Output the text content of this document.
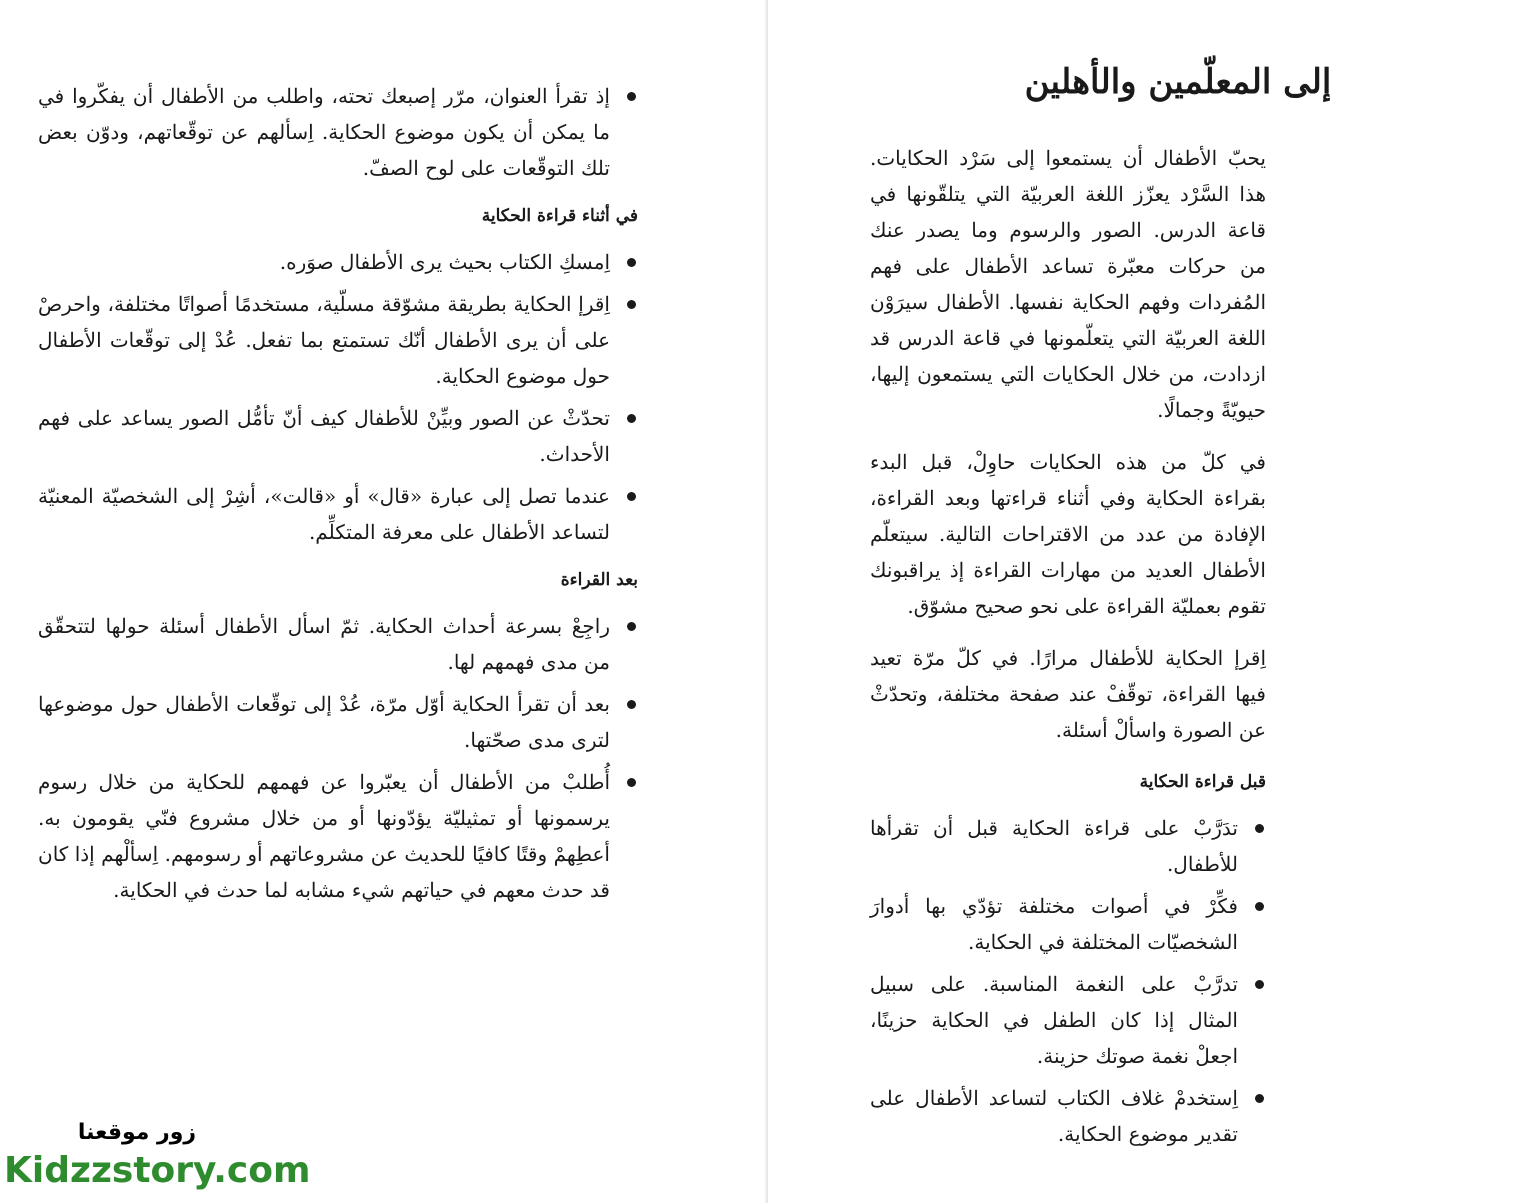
إذ تقرأ العنوان، مرّر إصبعك تحته، واطلب من الأطفال أن يفكّروا في ما يمكن أن يكون موضوع الحكاية. اِسألهم عن توقّعاتهم، ودوّن بعض تلك التوقّعات على لوح الصفّ.
في أثناء قراءة الحكاية
اِمسكِ الكتاب بحيث يرى الأطفال صوَره.
اِقرإ الحكاية بطريقة مشوّقة مسلّية، مستخدمًا أصواتًا مختلفة، واحرصْ على أن يرى الأطفال أنّك تستمتع بما تفعل. عُدْ إلى توقّعات الأطفال حول موضوع الحكاية.
تحدّثْ عن الصور وبيِّنْ للأطفال كيف أنّ تأمُّل الصور يساعد على فهم الأحداث.
عندما تصل إلى عبارة «قال» أو «قالت»، أشِرْ إلى الشخصيّة المعنيّة لتساعد الأطفال على معرفة المتكلِّم.
بعد القراءة
راجِعْ بسرعة أحداث الحكاية. ثمّ اسأل الأطفال أسئلة حولها لتتحقّق من مدى فهمهم لها.
بعد أن تقرأ الحكاية أوّل مرّة، عُدْ إلى توقّعات الأطفال حول موضوعها لترى مدى صحّتها.
أُطلبْ من الأطفال أن يعبّروا عن فهمهم للحكاية من خلال رسوم يرسمونها أو تمثيليّة يؤدّونها أو من خلال مشروع فنّي يقومون به. أعطِهمْ وقتًا كافيًا للحديث عن مشروعاتهم أو رسومهم. اِسألْهم إذا كان قد حدث معهم في حياتهم شيء مشابه لما حدث في الحكاية.
زور موقعنا
Kidzzstory.com
إلى المعلّمين والأهلين

يحبّ الأطفال أن يستمعوا إلى سَرْد الحكايات. هذا السَّرْد يعزّز اللغة العربيّة التي يتلقّونها في قاعة الدرس. الصور والرسوم وما يصدر عنك من حركات معبّرة تساعد الأطفال على فهم المُفردات وفهم الحكاية نفسها. الأطفال سيرَوْن اللغة العربيّة التي يتعلّمونها في قاعة الدرس قد ازدادت، من خلال الحكايات التي يستمعون إليها، حيويّةً وجمالًا.

في كلّ من هذه الحكايات حاوِلْ، قبل البدء بقراءة الحكاية وفي أثناء قراءتها وبعد القراءة، الإفادة من عدد من الاقتراحات التالية. سيتعلّم الأطفال العديد من مهارات القراءة إذ يراقبونك تقوم بعمليّة القراءة على نحو صحيح مشوّق.

اِقرإ الحكاية للأطفال مرارًا. في كلّ مرّة تعيد فيها القراءة، توقّفْ عند صفحة مختلفة، وتحدّثْ عن الصورة واسألْ أسئلة.

قبل قراءة الحكاية
تدَرَّبْ على قراءة الحكاية قبل أن تقرأها للأطفال.
فكِّرْ في أصوات مختلفة تؤدّي بها أدوارَ الشخصيّات المختلفة في الحكاية.
تدرَّبْ على النغمة المناسبة. على سبيل المثال إذا كان الطفل في الحكاية حزينًا، اجعلْ نغمة صوتك حزينة.
اِستخدمْ غلاف الكتاب لتساعد الأطفال على تقدير موضوع الحكاية.
